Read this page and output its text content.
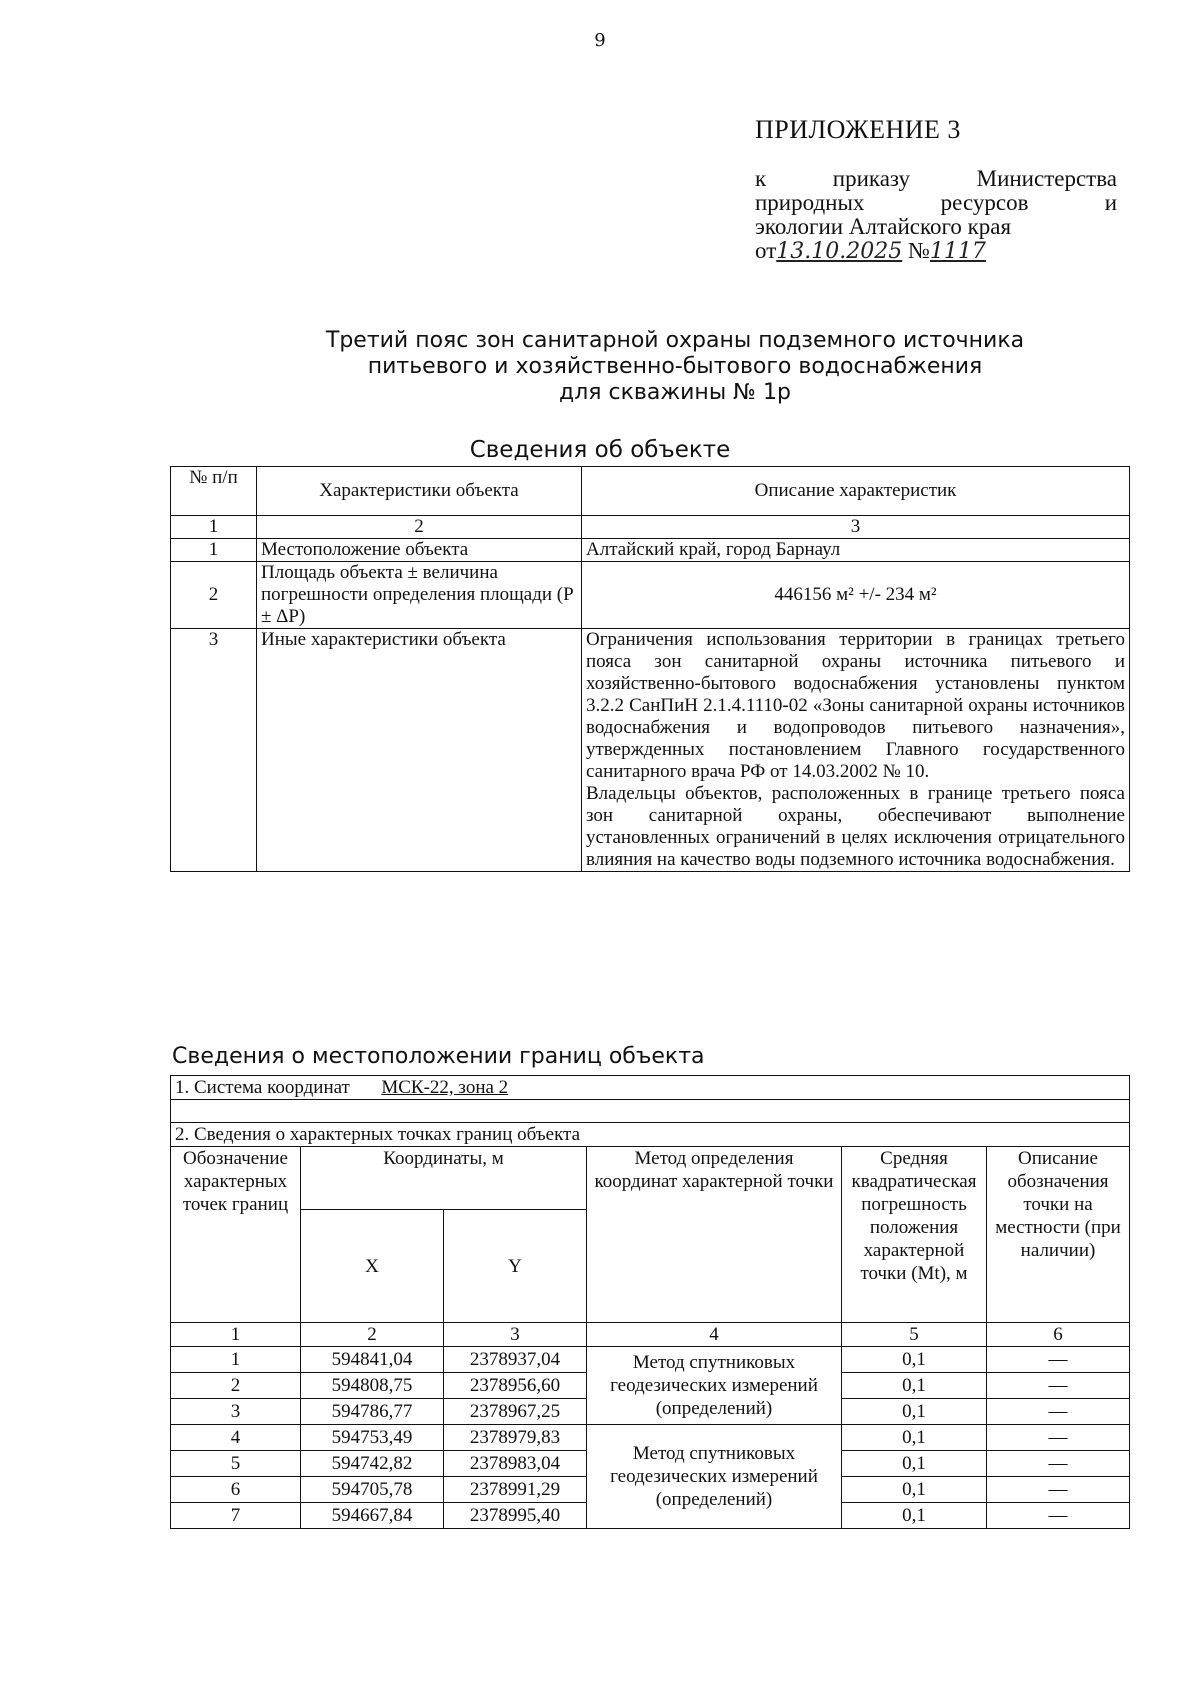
9
ПРИЛОЖЕНИЕ 3
к приказу Министерства
природных ресурсов и
экологии Алтайского края
от13.10.2025 №1117
Третий пояс зон санитарной охраны подземного источника
питьевого и хозяйственно-бытового водоснабжения
для скважины № 1р
Сведения об объекте
№ п/п	Характеристики объекта	Описание характеристик
1	2	3
1	Местоположение объекта	Алтайский край, город Барнаул
2	Площадь объекта ± величина погрешности определения площади (Р ± ΔР)	446156 м² +/- 234 м²
3	Иные характеристики объекта	Ограничения использования территории в границах третьего пояса зон санитарной охраны источника питьевого и хозяйственно-бытового водоснабжения установлены пунктом 3.2.2 СанПиН 2.1.4.1110-02 «Зоны санитарной охраны источников водоснабжения и водопроводов питьевого назначения», утвержденных постановлением Главного государственного санитарного врача РФ от 14.03.2002 № 10.
Владельцы объектов, расположенных в границе третьего пояса зон санитарной охраны, обеспечивают выполнение установленных ограничений в целях исключения отрицательного влияния на качество воды подземного источника водоснабжения.
Сведения о местоположении границ объекта
1. Система координат МСК-22, зона 2					

2. Сведения о характерных точках границ объекта					
Обозначение характерных точек границ	Координаты, м		Метод определения координат характерной точки	Средняя квадратическая погрешность положения характерной точки (Mt), м	Описание обозначения точки на местности (при наличии)
	X	Y			
1	2	3	4	5	6
1	594841,04	2378937,04	Метод спутниковых геодезических измерений (определений)	0,1	—
2	594808,75	2378956,60		0,1	—
3	594786,77	2378967,25		0,1	—
4	594753,49	2378979,83	Метод спутниковых геодезических измерений (определений)	0,1	—
5	594742,82	2378983,04		0,1	—
6	594705,78	2378991,29		0,1	—
7	594667,84	2378995,40		0,1	—
